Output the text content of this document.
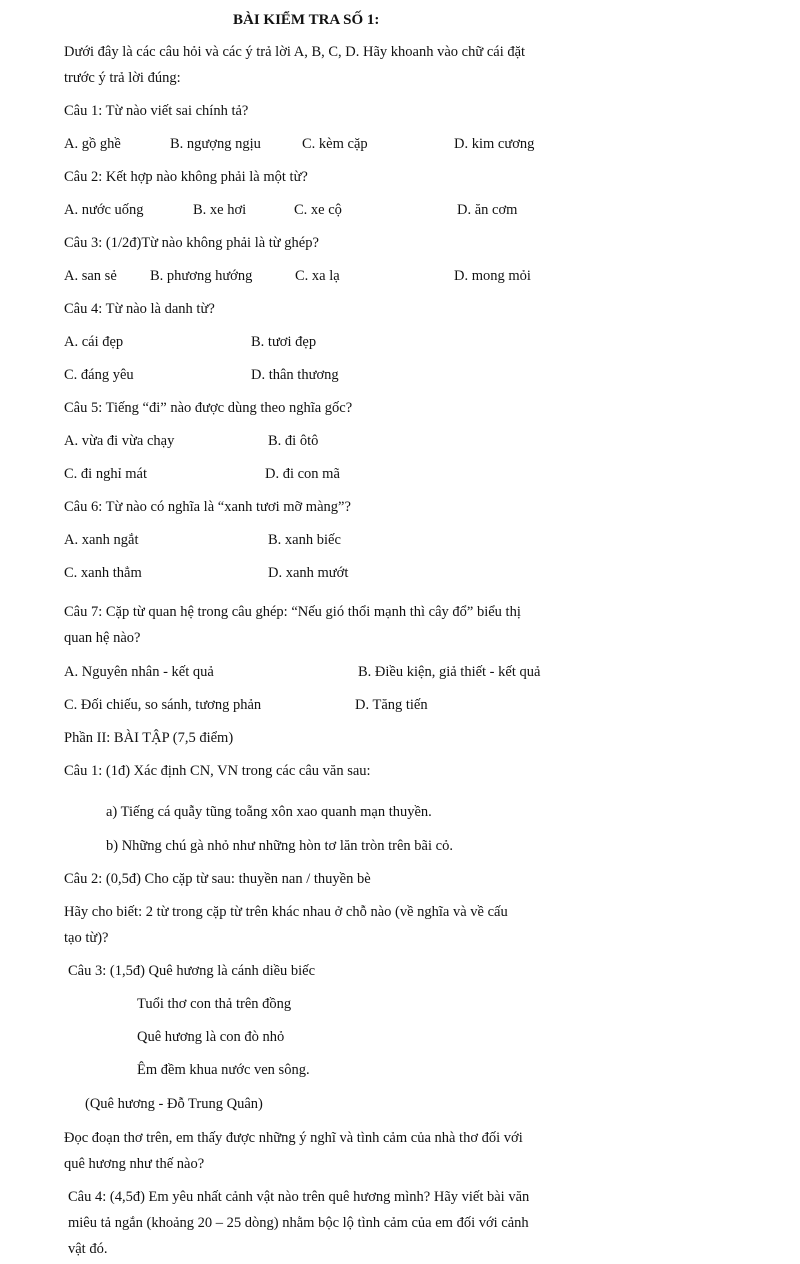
BÀI KIỂM TRA SỐ 1:
Dưới đây là các câu hỏi và các ý trả lời A, B, C, D. Hãy khoanh vào chữ cái đặt
trước ý trả lời đúng:
Câu 1: Từ nào viết sai chính tả?
A. gồ ghề	B. ngượng ngịu	C. kèm cặp	D. kim cương
Câu 2: Kết hợp nào không phải là một từ?
A. nước uống	B. xe hơi	C. xe cộ	D. ăn cơm
Câu 3: (1/2đ)Từ nào không phải là từ ghép?
A. san sẻ B. phương hướng	C. xa lạ	D. mong mỏi
Câu 4: Từ nào là danh từ?
A. cái đẹp	B. tươi đẹp
C. đáng yêu	D. thân thương
Câu 5: Tiếng “đi” nào được dùng theo nghĩa gốc?
A. vừa đi vừa chạy	B. đi ôtô
C. đi nghỉ mát	D. đi con mã
Câu 6: Từ nào có nghĩa là “xanh tươi mỡ màng”?
A. xanh ngắt	B. xanh biếc
C. xanh thẳm	D. xanh mướt
Câu 7: Cặp từ quan hệ trong câu ghép: “Nếu gió thổi mạnh thì cây đổ” biểu thị
quan hệ nào?
A. Nguyên nhân - kết quả	B. Điều kiện, giả thiết - kết quả
C. Đối chiếu, so sánh, tương phản	D. Tăng tiến
Phần II: BÀI TẬP (7,5 điểm)
Câu 1: (1đ) Xác định CN, VN trong các câu văn sau:
a) Tiếng cá quẫy tũng toẵng xôn xao quanh mạn thuyền.
b) Những chú gà nhỏ như những hòn tơ lăn tròn trên bãi cỏ.
Câu 2: (0,5đ) Cho cặp từ sau: thuyền nan / thuyền bè
Hãy cho biết: 2 từ trong cặp từ trên khác nhau ở chỗ nào (về nghĩa và về cấu
tạo từ)?
Câu 3: (1,5đ) Quê hương là cánh diều biếc
Tuổi thơ con thả trên đồng
Quê hương là con đò nhỏ
Êm đềm khua nước ven sông.
(Quê hương - Đỗ Trung Quân)
Đọc đoạn thơ trên, em thấy được những ý nghĩ và tình cảm của nhà thơ đối với
quê hương như thế nào?
Câu 4: (4,5đ) Em yêu nhất cảnh vật nào trên quê hương mình? Hãy viết bài văn
miêu tả ngắn (khoảng 20 – 25 dòng) nhằm bộc lộ tình cảm của em đối với cảnh
vật đó.
